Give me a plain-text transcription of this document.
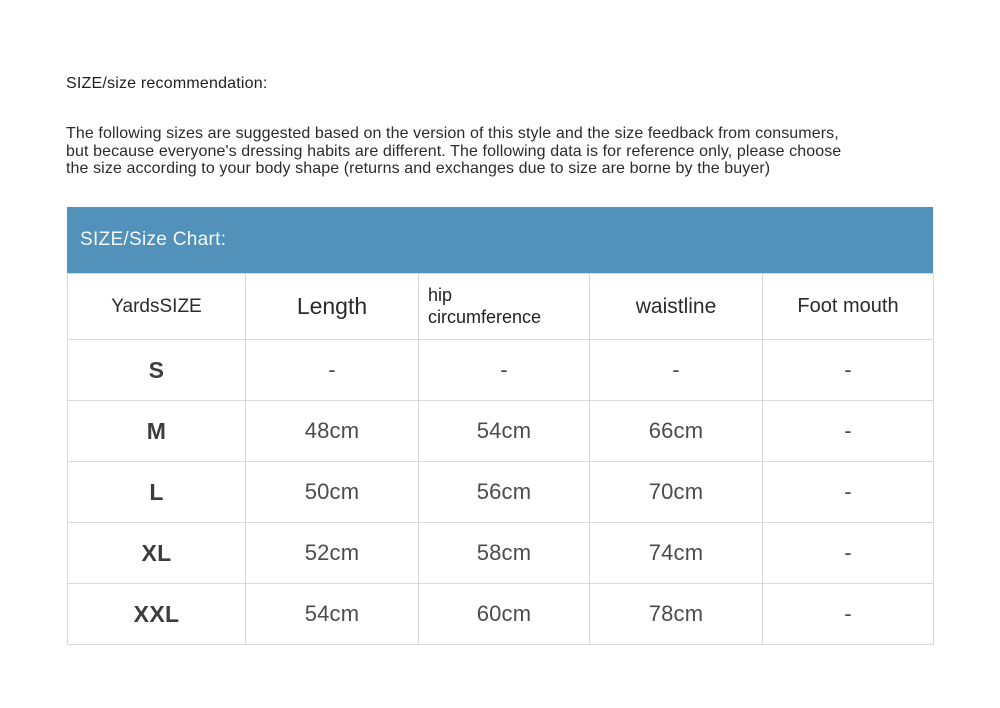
SIZE/size recommendation:
The following sizes are suggested based on the version of this style and the size feedback from consumers,
but because everyone's dressing habits are different. The following data is for reference only, please choose
the size according to your body shape (returns and exchanges due to size are borne by the buyer)
SIZE/Size Chart:
YardsSIZE	Length	hip circumference	waistline	Foot mouth
S	-	-	-	-
M	48cm	54cm	66cm	-
L	50cm	56cm	70cm	-
XL	52cm	58cm	74cm	-
XXL	54cm	60cm	78cm	-
